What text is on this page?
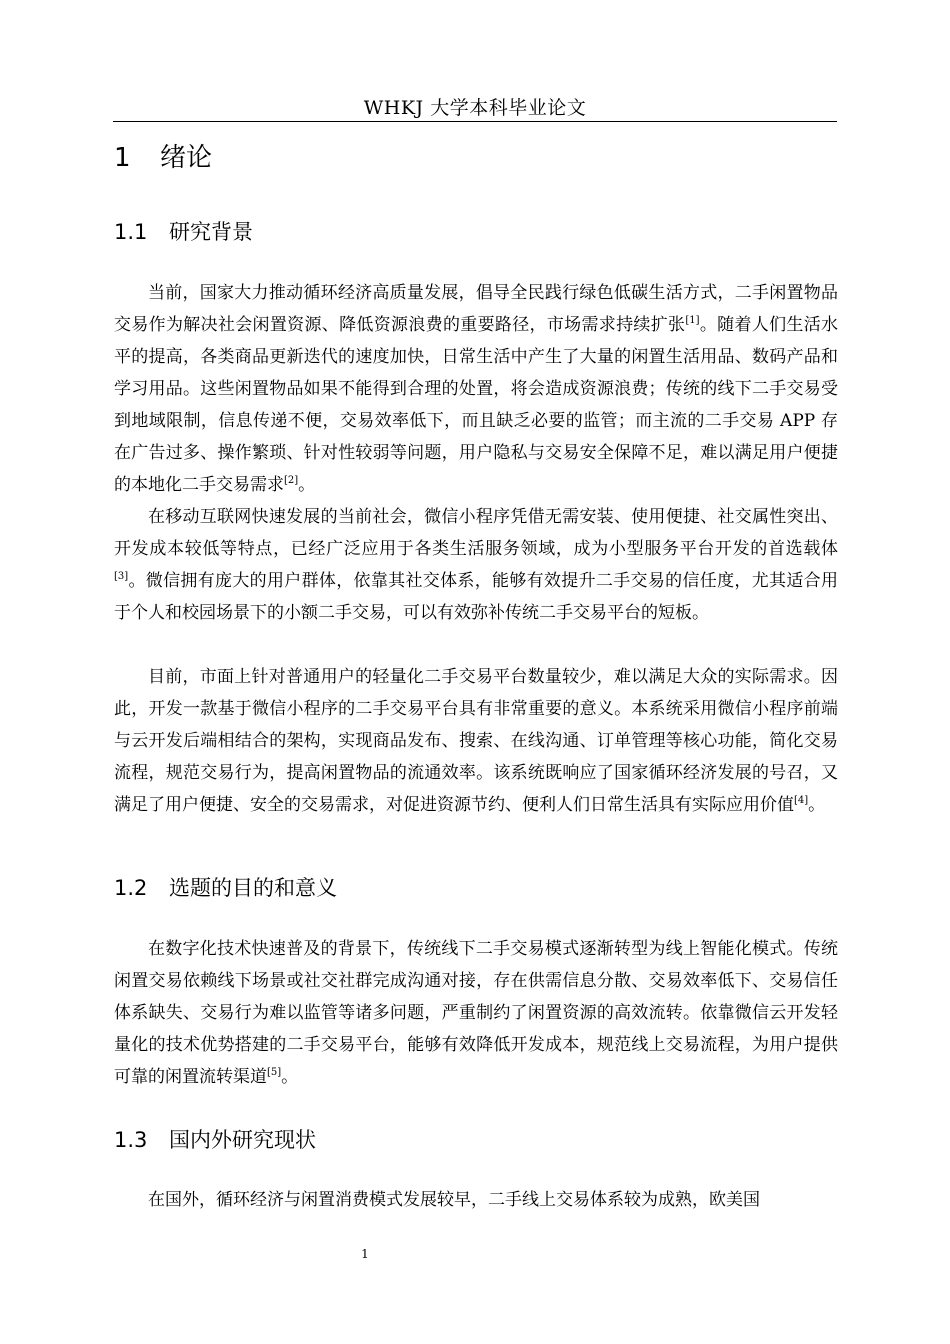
WHKJ 大学本科毕业论文
1 绪论
1.1 研究背景
当前，国家大力推动循环经济高质量发展，倡导全民践行绿色低碳生活方式，二手闲置物品交易作为解决社会闲置资源、降低资源浪费的重要路径，市场需求持续扩张[1]。随着人们生活水平的提高，各类商品更新迭代的速度加快，日常生活中产生了大量的闲置生活用品、数码产品和学习用品。这些闲置物品如果不能得到合理的处置，将会造成资源浪费；传统的线下二手交易受到地域限制，信息传递不便，交易效率低下，而且缺乏必要的监管；而主流的二手交易 APP 存在广告过多、操作繁琐、针对性较弱等问题，用户隐私与交易安全保障不足，难以满足用户便捷的本地化二手交易需求[2]。
在移动互联网快速发展的当前社会，微信小程序凭借无需安装、使用便捷、社交属性突出、开发成本较低等特点，已经广泛应用于各类生活服务领域，成为小型服务平台开发的首选载体[3]。微信拥有庞大的用户群体，依靠其社交体系，能够有效提升二手交易的信任度，尤其适合用于个人和校园场景下的小额二手交易，可以有效弥补传统二手交易平台的短板。
目前，市面上针对普通用户的轻量化二手交易平台数量较少，难以满足大众的实际需求。因此，开发一款基于微信小程序的二手交易平台具有非常重要的意义。本系统采用微信小程序前端与云开发后端相结合的架构，实现商品发布、搜索、在线沟通、订单管理等核心功能，简化交易流程，规范交易行为，提高闲置物品的流通效率。该系统既响应了国家循环经济发展的号召，又满足了用户便捷、安全的交易需求，对促进资源节约、便利人们日常生活具有实际应用价值[4]。
1.2 选题的目的和意义
在数字化技术快速普及的背景下，传统线下二手交易模式逐渐转型为线上智能化模式。传统闲置交易依赖线下场景或社交社群完成沟通对接，存在供需信息分散、交易效率低下、交易信任体系缺失、交易行为难以监管等诸多问题，严重制约了闲置资源的高效流转。依靠微信云开发轻量化的技术优势搭建的二手交易平台，能够有效降低开发成本，规范线上交易流程，为用户提供可靠的闲置流转渠道[5]。
1.3 国内外研究现状
在国外，循环经济与闲置消费模式发展较早，二手线上交易体系较为成熟，欧美国
1
